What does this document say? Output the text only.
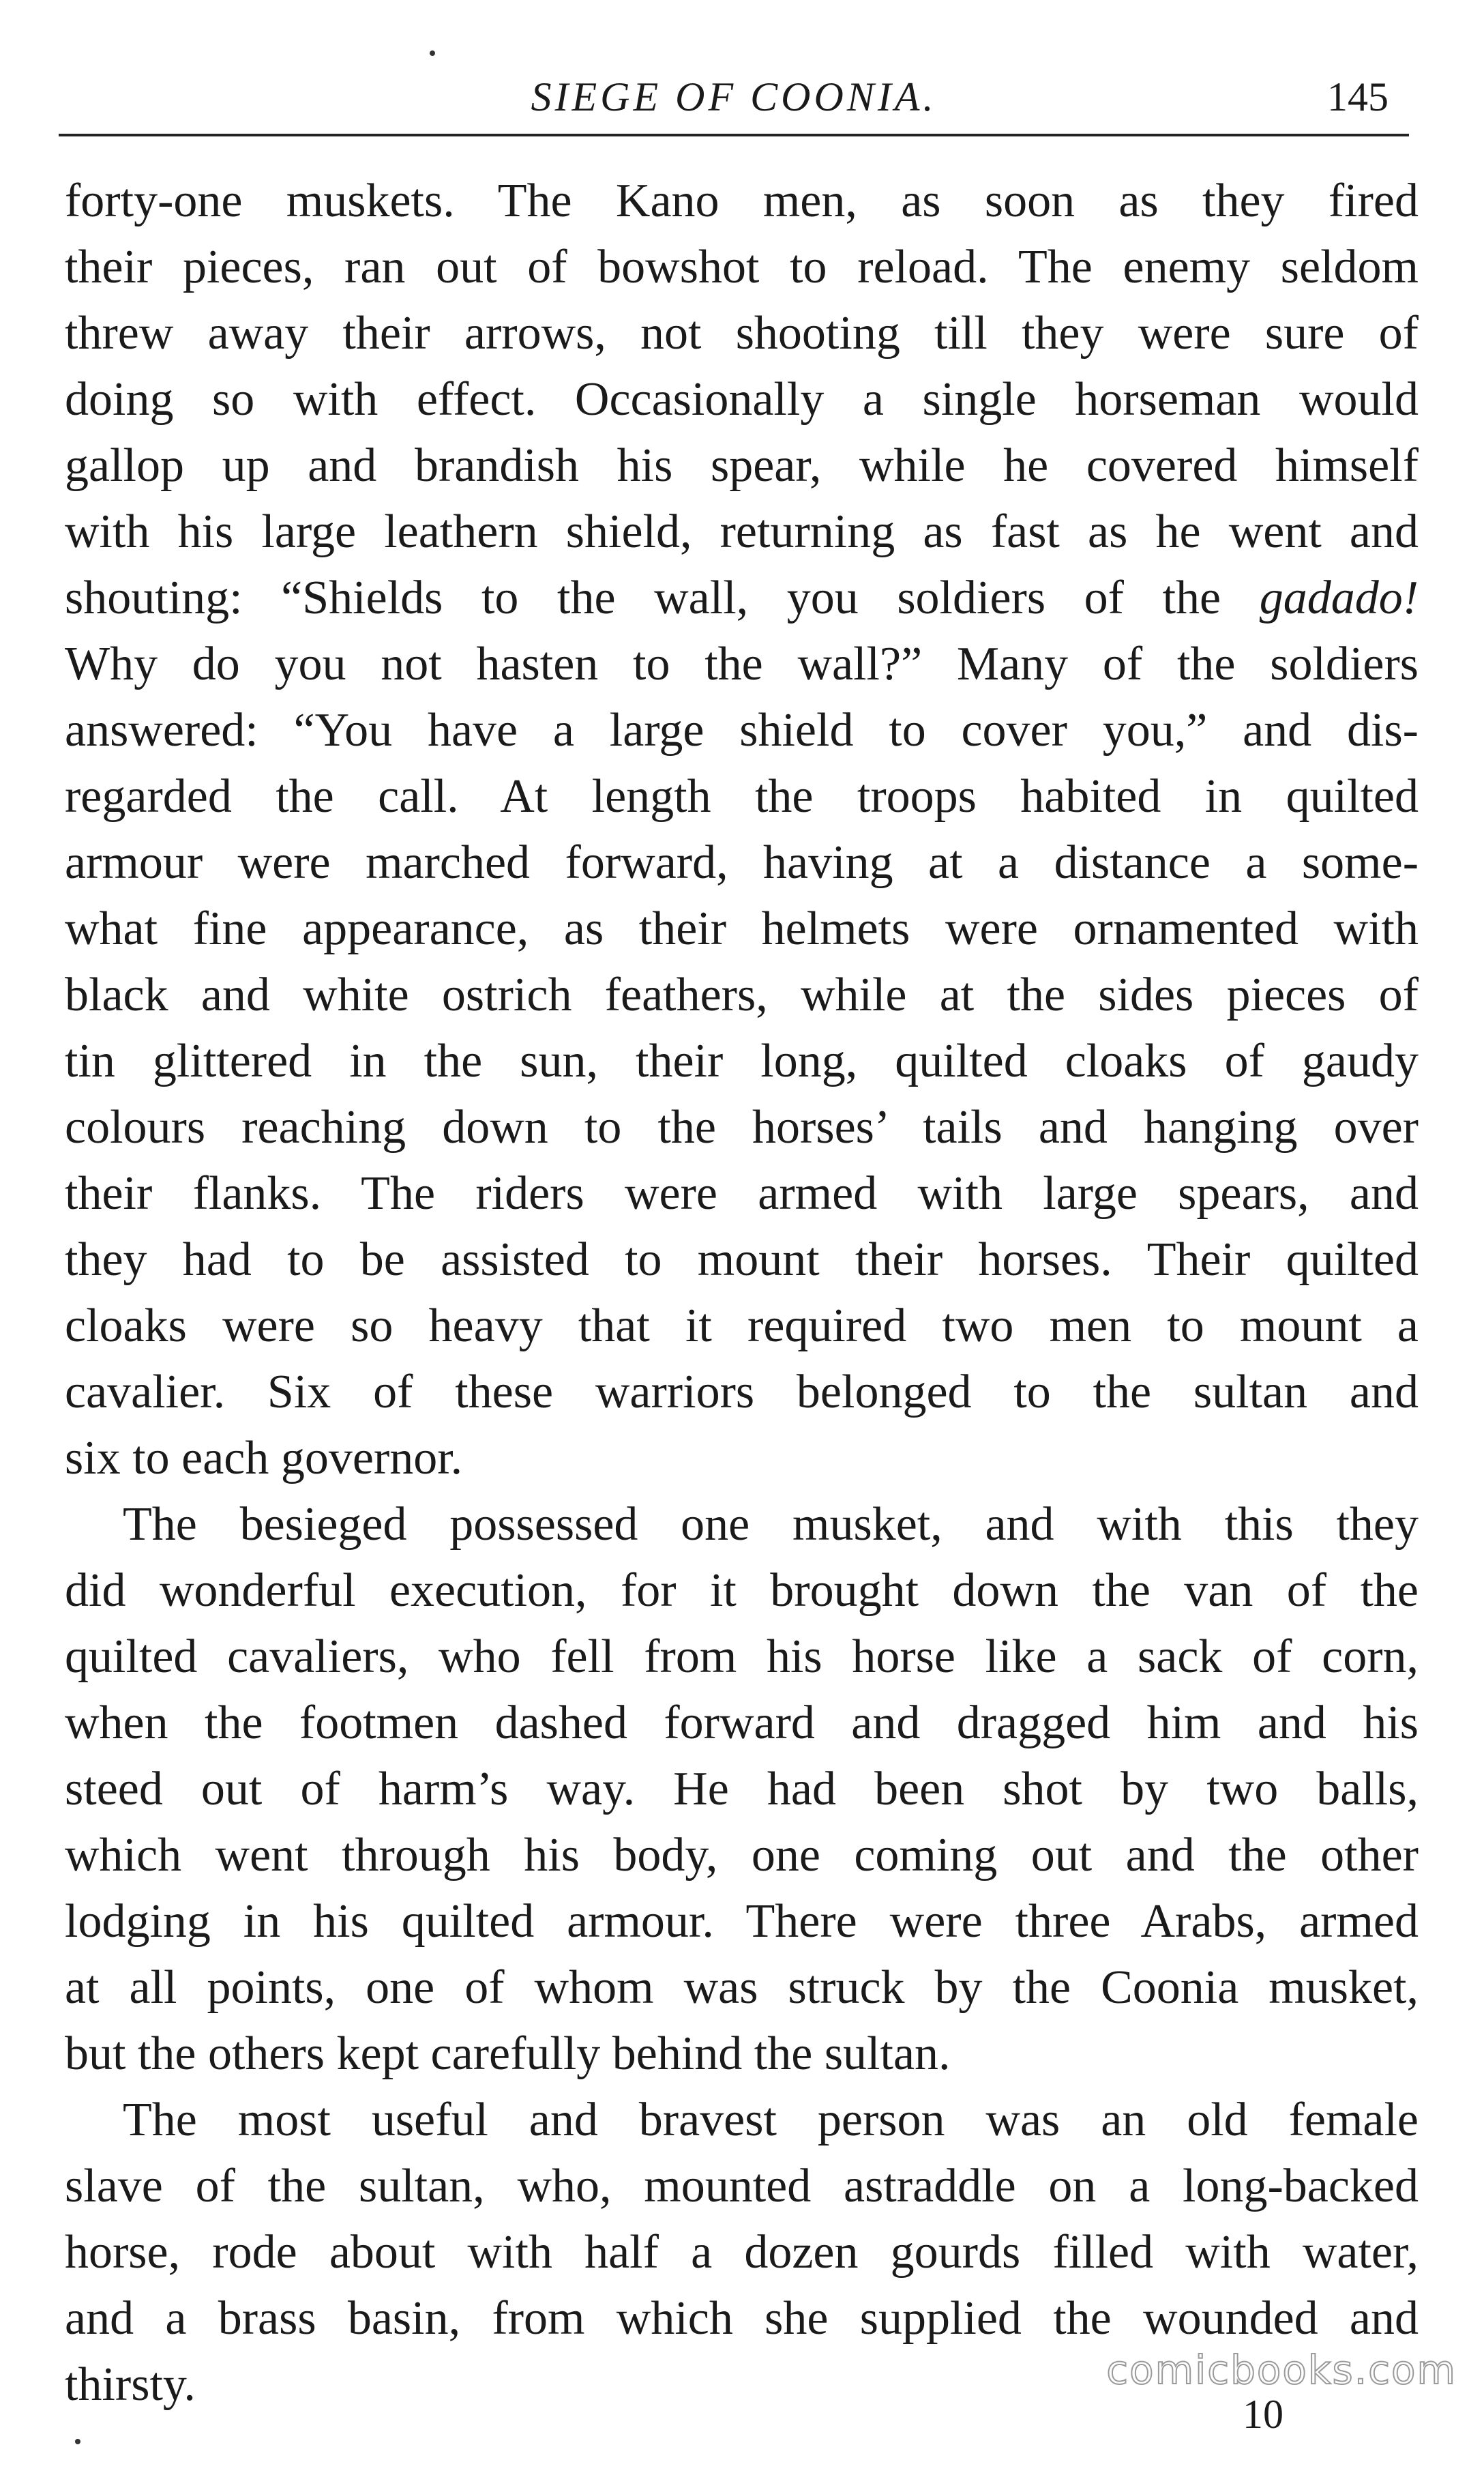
SIEGE OF COONIA.	145
forty-one muskets. The Kano men, as soon as they fired
their pieces, ran out of bowshot to reload. The enemy seldom
threw away their arrows, not shooting till they were sure of
doing so with effect. Occasionally a single horseman would
gallop up and brandish his spear, while he covered himself
with his large leathern shield, returning as fast as he went and
shouting: “Shields to the wall, you soldiers of the gadado!
Why do you not hasten to the wall?” Many of the soldiers
answered: “You have a large shield to cover you,” and dis-
regarded the call. At length the troops habited in quilted
armour were marched forward, having at a distance a some-
what fine appearance, as their helmets were ornamented with
black and white ostrich feathers, while at the sides pieces of
tin glittered in the sun, their long, quilted cloaks of gaudy
colours reaching down to the horses’ tails and hanging over
their flanks. The riders were armed with large spears, and
they had to be assisted to mount their horses. Their quilted
cloaks were so heavy that it required two men to mount a
cavalier. Six of these warriors belonged to the sultan and
six to each governor.
The besieged possessed one musket, and with this they
did wonderful execution, for it brought down the van of the
quilted cavaliers, who fell from his horse like a sack of corn,
when the footmen dashed forward and dragged him and his
steed out of harm’s way. He had been shot by two balls,
which went through his body, one coming out and the other
lodging in his quilted armour. There were three Arabs, armed
at all points, one of whom was struck by the Coonia musket,
but the others kept carefully behind the sultan.
The most useful and bravest person was an old female
slave of the sultan, who, mounted astraddle on a long-backed
horse, rode about with half a dozen gourds filled with water,
and a brass basin, from which she supplied the wounded and
thirsty.	comicbooks.com
10
